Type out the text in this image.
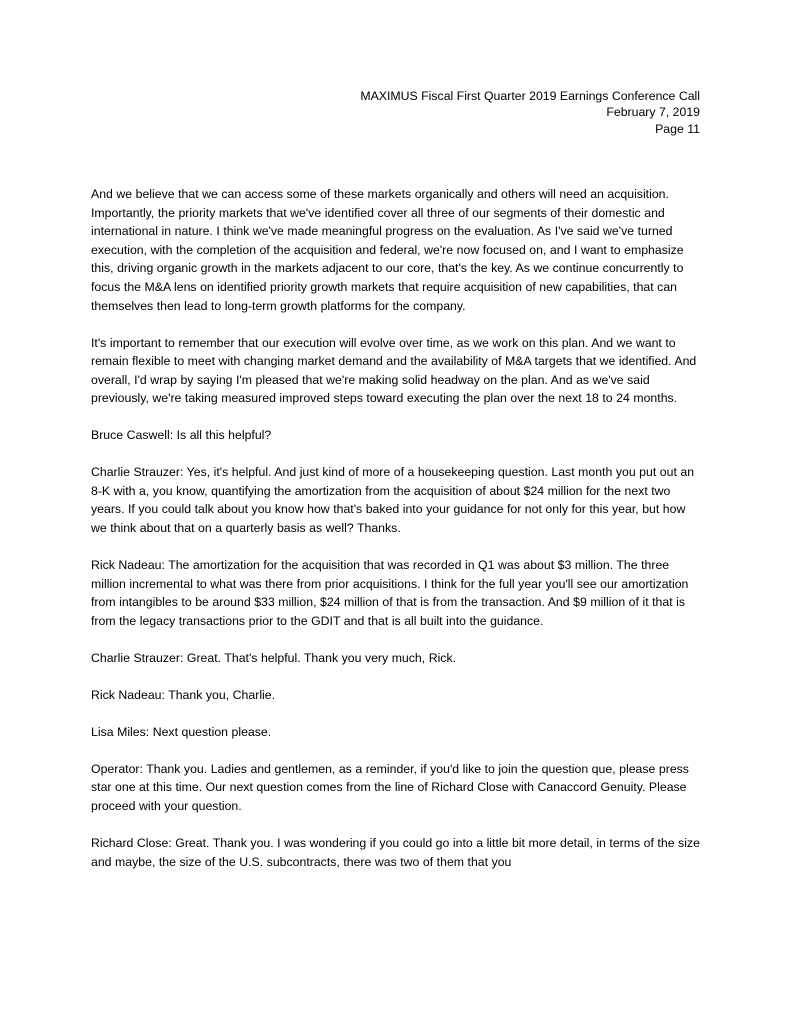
MAXIMUS Fiscal First Quarter 2019 Earnings Conference Call
February 7, 2019
Page 11

And we believe that we can access some of these markets organically and others will need an acquisition. Importantly, the priority markets that we've identified cover all three of our segments of their domestic and international in nature. I think we've made meaningful progress on the evaluation. As I've said we've turned execution, with the completion of the acquisition and federal, we're now focused on, and I want to emphasize this, driving organic growth in the markets adjacent to our core, that's the key. As we continue concurrently to focus the M&A lens on identified priority growth markets that require acquisition of new capabilities, that can themselves then lead to long-term growth platforms for the company.

It's important to remember that our execution will evolve over time, as we work on this plan. And we want to remain flexible to meet with changing market demand and the availability of M&A targets that we identified. And overall, I'd wrap by saying I'm pleased that we're making solid headway on the plan. And as we've said previously, we're taking measured improved steps toward executing the plan over the next 18 to 24 months.

Bruce Caswell: Is all this helpful?

Charlie Strauzer: Yes, it's helpful. And just kind of more of a housekeeping question. Last month you put out an 8-K with a, you know, quantifying the amortization from the acquisition of about $24 million for the next two years. If you could talk about you know how that's baked into your guidance for not only for this year, but how we think about that on a quarterly basis as well? Thanks.

Rick Nadeau: The amortization for the acquisition that was recorded in Q1 was about $3 million. The three million incremental to what was there from prior acquisitions. I think for the full year you'll see our amortization from intangibles to be around $33 million, $24 million of that is from the transaction. And $9 million of it that is from the legacy transactions prior to the GDIT and that is all built into the guidance.

Charlie Strauzer: Great. That's helpful. Thank you very much, Rick.

Rick Nadeau: Thank you, Charlie.

Lisa Miles: Next question please.

Operator: Thank you. Ladies and gentlemen, as a reminder, if you'd like to join the question que, please press star one at this time. Our next question comes from the line of Richard Close with Canaccord Genuity. Please proceed with your question.

Richard Close: Great. Thank you. I was wondering if you could go into a little bit more detail, in terms of the size and maybe, the size of the U.S. subcontracts, there was two of them that you
